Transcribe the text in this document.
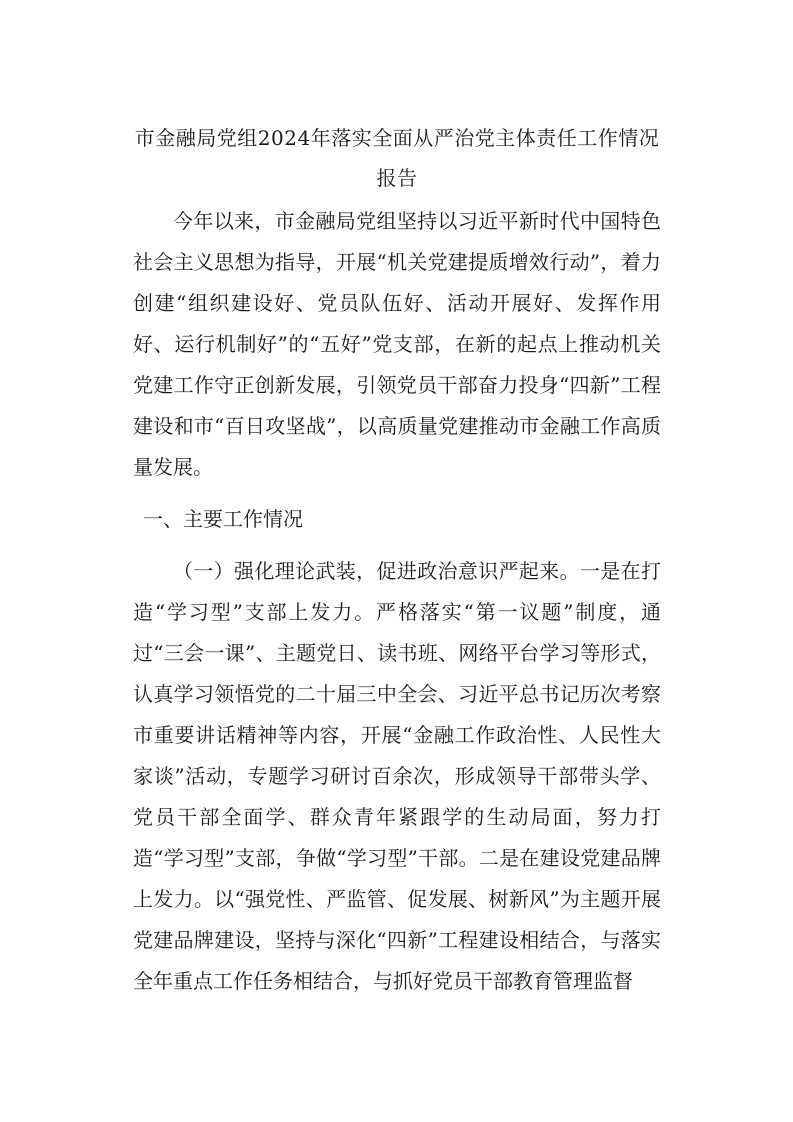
市金融局党组2024年落实全面从严治党主体责任工作情况
报告

今年以来，市金融局党组坚持以习近平新时代中国特色社会主义思想为指导，开展“机关党建提质增效行动”，着力创建“组织建设好、党员队伍好、活动开展好、发挥作用好、运行机制好”的“五好”党支部，在新的起点上推动机关党建工作守正创新发展，引领党员干部奋力投身“四新”工程建设和市“百日攻坚战”，以高质量党建推动市金融工作高质量发展。

一、主要工作情况

（一）强化理论武装，促进政治意识严起来。一是在打造“学习型”支部上发力。严格落实“第一议题”制度，通过“三会一课”、主题党日、读书班、网络平台学习等形式，认真学习领悟党的二十届三中全会、习近平总书记历次考察市重要讲话精神等内容，开展“金融工作政治性、人民性大家谈”活动，专题学习研讨百余次，形成领导干部带头学、党员干部全面学、群众青年紧跟学的生动局面，努力打造“学习型”支部，争做“学习型”干部。二是在建设党建品牌上发力。以“强党性、严监管、促发展、树新风”为主题开展党建品牌建设，坚持与深化“四新”工程建设相结合，与落实全年重点工作任务相结合，与抓好党员干部教育管理监督
